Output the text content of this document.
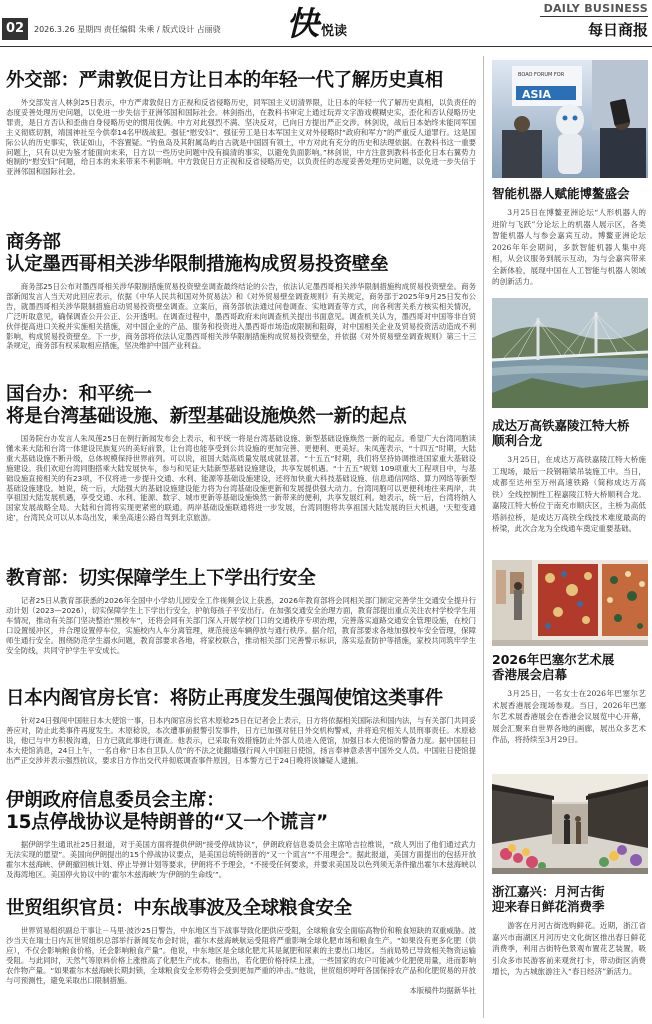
02	2026.3.26 星期四 责任编辑 朱乘 / 版式设计 占丽骁 快 悦读
DAILY BUSINESS
每日商报
外交部：严肃敦促日方让日本的年轻一代了解历史真相

外交部发言人林剑25日表示，中方严肃敦促日方正视和反省侵略历史，同军国主义切清界限，让日本的年轻一代了解历史真相，以负责任的态度妥善处理历史问题，以免进一步失信于亚洲邻国和国际社会。林剑指出，在教科书审定上通过玩弄文字游戏模糊史实，歪化和否认侵略历史罪责，是日方否认和歪曲自身侵略历史的惯用伎俩。中方对此强烈不满、坚决反对，已向日方提出严正交涉。林剑说，战后日本始终未能同军国主义彻底切割，靖国神社至今供奉14名甲级战犯。强征“慰安妇”、强征劳工是日本军国主义对外侵略时“政府和军方”的严重反人道罪行。这是国际公认的历史事实，铁证如山，不容置疑。“钓鱼岛及其附属岛屿自古就是中国固有领土，中方对此有充分的历史和法理依据。在教科书这一重要问题上，只有以史为鉴才能面向未来，日方以一些历史问题中没有搞清的事实，以避免负面影响。”林剑说，中方注意到教科书歪化日本右翼势力炮制的“慰安妇”问题，给日本的未来带来不利影响。中方敦促日方正视和反省侵略历史，以负责任的态度妥善处理历史问题，以免进一步失信于亚洲邻国和国际社会。

商务部
认定墨西哥相关涉华限制措施构成贸易投资壁垒

商务部25日公布对墨西哥相关涉华限制措施贸易投资壁垒调查最终结论的公告，依法认定墨西哥相关涉华限制措施构成贸易投资壁垒。商务部新闻发言人当天对此回应表示，依据《中华人民共和国对外贸易法》和《对外贸易壁垒调查规则》有关规定，商务部于2025年9月25日发布公告，就墨西哥相关涉华限制措施启动贸易投资壁垒调查。立案后，商务部依法通过问卷调查、实地调查等方式，向各利害关系方核实相关情况，广泛听取意见，确保调查公开公正、公开透明。在调查过程中，墨西哥政府未向调查机关提出书面意见。调查机关认为，墨西哥对中国等非自贸伙伴提高进口关税并实施相关措施，对中国企业的产品、服务和投资进入墨西哥市场造成限制和阻碍，对中国相关企业及贸易投资活动造成不利影响，构成贸易投资壁垒。下一步，商务部将依法认定墨西哥相关涉华限制措施构成贸易投资壁垒，并依据《对外贸易壁垒调查规则》第三十三条规定，商务部有权采取相应措施，坚决维护中国产业利益。

国台办：和平统一
将是台湾基础设施、新型基础设施焕然一新的起点

国务院台办发言人朱凤莲25日在例行新闻发布会上表示，和平统一将是台湾基础设施、新型基础设施焕然一新的起点。希望广大台湾同胞读懂未来大陆和台湾一体建设民族复兴的美好前景，让台湾也能享受到公共设施的更加完善、更便利、更美好。朱凤莲表示，“十四五”时期，大陆重大基础设施不断升级，总体规模保持世界前列。可以说，祖国大陆高质量发展成就显著。“十五五”时期，我们将坚持协调推进国家重大基础设施建设。我们欢迎台湾同胞搭乘大陆发展快车，参与和见证大陆新型基础设施建设，共享发展机遇。“十五五”规划 109项重大工程项目中，与基础设施直接相关的有23项，不仅将进一步提升交通、水利、能源等基础设施建设，还将加快重大科技基础设施、信息通信网络、算力网络等新型基础设施建设。她说，统一后，大陆强大的基础设施建设能力将为台湾基础设施更新和发展提供强大动力。台湾同胞可以更便利地往来两岸，共享祖国大陆发展机遇，享受交通、水利、能源、数字、城市更新等基础设施焕然一新带来的便利，共享发展红利。她表示，统一后，台湾将纳入国家发展战略全局。大陆和台湾将实现更紧密的联通。两岸基础设施联通将进一步发展，台湾同胞将共享祖国大陆发展的巨大机遇，‘天堑变通途’，台湾民众可以从本岛出发，乘坐高速公路自驾到北京旅游。

教育部：切实保障学生上下学出行安全

记者25日从教育部获悉的2026年全国中小学幼儿园安全工作视频会议上获悉，2026年教育部将会同相关部门制定完善学生交通安全提升行动计划（2023—2026），切实保障学生上下学出行安全，护航每孩子平安出行。在加强交通安全治理方面，教育部提出重点关注农村学校学生用车情况，推动有关部门坚决整治“黑校车”，还将会同有关部门深入开展学校门口的交通秩序专项治理，完善落实道路交通安全管理设施，在校门口设置缓冲区，并合理设置停车位，实施校内人车分离管理，规范接送车辆停放与通行秩序。据介绍，教育部要求各地加强校车安全管理，保障师生通行安全。围绕防范学生溺水问题，教育部要求各地，将家校联合，推动相关部门完善警示标识，落实巡查防护等措施，家校共同筑牢学生安全防线，共同守护学生平安成长。

日本内阁官房长官：将防止再度发生强闯使馆这类事件

针对24日强闯中国驻日本大使馆一事，日本内阁官房长官木原稔25日在记者会上表示，日方将依据相关国际法和国内法，与有关部门共同妥善应对，防止此类事件再度发生。木原稔说，本次遭事前报警引发事件，日方已加强对驻日外交机构警戒，并将追究相关人员刑事责任。木原稔说，他已与中方积极沟通，日方已就此事进行调查。他表示，已采取有效措施防止外部人员进入使馆，加强日本大使馆的警备力度。据中国驻日本大使馆消息，24日上午，一名自称“日本自卫队人员”的不法之徒翻墙强行闯入中国驻日使馆，扬言奉神意杀害中国外交人员。中国驻日使馆提出严正交涉并表示强烈抗议，要求日方作出交代并彻底调查事件原因，日本警方已于24日晚将该嫌疑人逮捕。

伊朗政府信息委员会主席：
15点停战协议是特朗普的“又一个谎言”

据伊朗学生通讯社25日报道，对于美国方面将提供伊朗“接受停战协议”，伊朗政府信息委员会主席哈吉拉维说，“敌人列出了他们通过武力无法实现的愿望”。美国向伊朗提出的15个停战协议要点，是美国总统特朗普的“又一个谎言”“不用理会”。据此报道，美国方面提出的包括开放霍尔木兹海峡、伊朗撤回核计划、停止导弹计划等要求，伊朗将不予理会，“不接受任何要求，并要求美国及以色列须无条件撤出霍尔木兹海峡以及海湾地区。美国停火协议中的‘霍尔木兹海峡’为‘伊朗的生命线’”。

世贸组织官员：中东战事波及全球粮食安全

世界贸易组织副总干事让－马里·波沙25日警告，中东地区当下战事导致化肥供应受阻，全球粮食安全面临高物价和粮食短缺的双重威胁。波沙当天在瑞士日内瓦世贸组织总部举行新闻发布会时说，霍尔木兹海峡航运受阻将严重影响全球化肥市场和粮食生产。“如果没有更多化肥（供应），不仅会影响粮食价格，还会影响粮食产量”。他说，中东地区是全球化肥尤其是氮肥和尿素的主要出口地区。当前局势已导致相关物资运输受阻。与此同时，天然气等原料价格上涨推高了化肥生产成本。他指出，若化肥价格持续上涨，一些国家的农户可能减少化肥使用量，进而影响农作物产量。“如果霍尔木兹海峡长期封锁，全球粮食安全形势将会受到更加严重的冲击。”他说，世贸组织呼吁各国保持农产品和化肥贸易的开放与可预测性，避免采取出口限制措施。

本版稿件均据新华社
BOAO FORUM FOR
ASIA
智能机器人赋能博鳌盛会

3月25日在博鳌亚洲论坛“人形机器人的进阶与飞跃”分论坛上的机器人展示区，各类智能机器人与参会嘉宾互动。博鳌亚洲论坛2026年年会期间，多款智能机器人集中亮相，从会议服务到展示互动，为与会嘉宾带来全新体验，展现中国在人工智能与机器人领域的创新活力。

成达万高铁嘉陵江特大桥
顺利合龙

3月25日，在成达万高铁嘉陵江特大桥施工现场，最后一段钢箱梁吊装施工中。当日，成都至达州至万州高速铁路（简称成达万高铁）全线控制性工程嘉陵江特大桥顺利合龙。嘉陵江特大桥位于南充市顺庆区，主桥为高低塔斜拉桥，是成达万高铁全线技术难度最高的桥梁，此次合龙为全线通车奠定重要基础。

2026年巴塞尔艺术展
香港展会启幕

3月25日，一名女士在2026年巴塞尔艺术展香港展会现场参观。当日，2026年巴塞尔艺术展香港展会在香港会议展览中心开幕，展会汇聚来自世界各地的画廊，展出众多艺术作品，将持续至3月29日。

浙江嘉兴：月河古街
迎来春日鲜花消费季

游客在月河古街选购鲜花。近期，浙江省嘉兴市南湖区月河历史文化街区推出春日鲜花消费季，利用古街特色景观布置花艺装置，吸引众多市民游客前来观赏打卡，带动街区消费增长，为古城旅游注入“春日经济”新活力。
